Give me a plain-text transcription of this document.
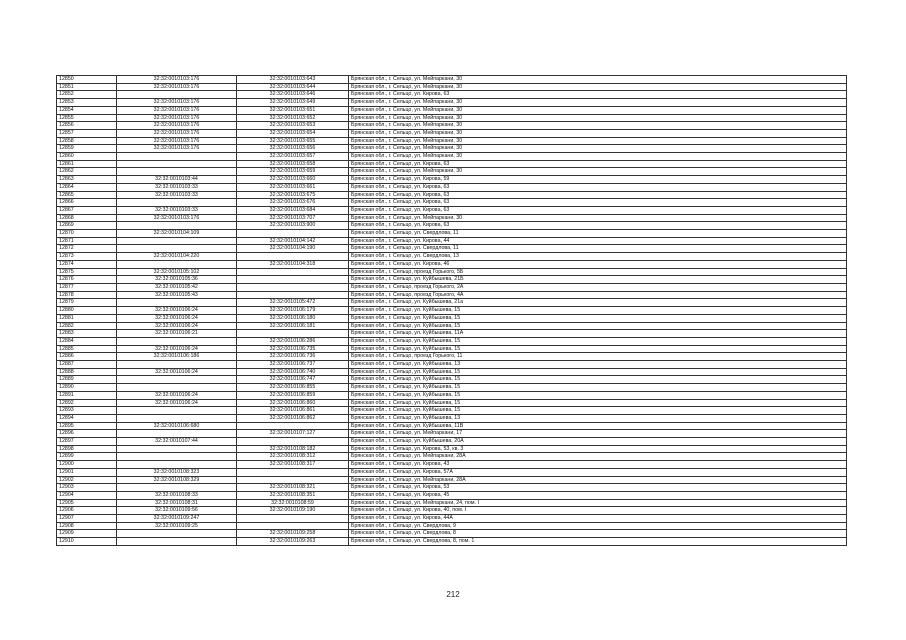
12850	32:32:0010103:176	32:32:0010103:643	Брянская обл., г. Сельцо, ул. Мейпаркани, 30
12851	32:32:0010103:176	32:32:0010103:644	Брянская обл., г. Сельцо, ул. Мейпаркани, 30
12852		32:32:0010103:646	Брянская обл., г. Сельцо, ул. Кирова, 63
12853	32:32:0010103:176	32:32:0010103:649	Брянская обл., г. Сельцо, ул. Мейпаркани, 30
12854	32:32:0010103:176	32:32:0010103:651	Брянская обл., г. Сельцо, ул. Мейпаркани, 30
12855	32:32:0010103:176	32:32:0010103:652	Брянская обл., г. Сельцо, ул. Мейпаркани, 30
12856	32:32:0010103:176	32:32:0010103:653	Брянская обл., г. Сельцо, ул. Мейпаркани, 30
12857	32:32:0010103:176	32:32:0010103:654	Брянская обл., г. Сельцо, ул. Мейпаркани, 30
12858	32:32:0010103:176	32:32:0010103:655	Брянская обл., г. Сельцо, ул. Мейпаркани, 30
12859	32:32:0010103:176	32:32:0010103:656	Брянская обл., г. Сельцо, ул. Мейпаркани, 30
12860		32:32:0010103:657	Брянская обл., г. Сельцо, ул. Мейпаркани, 30
12861		32:32:0010103:658	Брянская обл., г. Сельцо, ул. Кирова, 63
12862		32:32:0010103:659	Брянская обл., г. Сельцо, ул. Мейпаркани, 30
12863	32:32:0010103:44	32:32:0010103:660	Брянская обл., г. Сельцо, ул. Кирова, 59
12864	32:32:0010103:33	32:32:0010103:661	Брянская обл., г. Сельцо, ул. Кирова, 63
12865	32:32:0010103:33	32:32:0010103:675	Брянская обл., г. Сельцо, ул. Кирова, 63
12866		32:32:0010103:676	Брянская обл., г. Сельцо, ул. Кирова, 63
12867	32:32:0010103:33	32:32:0010103:684	Брянская обл., г. Сельцо, ул. Кирова, 63
12868	32:32:0010103:176	32:32:0010103:707	Брянская обл., г. Сельцо, ул. Мейпаркани, 30
12869		32:32:0010103:900	Брянская обл., г. Сельцо, ул. Кирова, 63
12870	32:32:0010104:109		Брянская обл., г. Сельцо, ул. Свердлова, 11
12871		32:32:0010104:142	Брянская обл., г. Сельцо, ул. Кирова, 44
12872		32:32:0010104:190	Брянская обл., г. Сельцо, ул. Свердлова, 11
12873	32:32:0010104:220		Брянская обл., г. Сельцо, ул. Свердлова, 13
12874		32:32:0010104:318	Брянская обл., г. Сельцо, ул. Кирова, 46
12875	32:32:0010105:102		Брянская обл., г. Сельцо, проезд Горького, 5Б
12876	32:32:0010105:36		Брянская обл., г. Сельцо, ул. Куйбышева, 21Б
12877	32:32:0010105:42		Брянская обл., г. Сельцо, проезд Горького, 2А
12878	32:32:0010105:43		Брянская обл., г. Сельцо, проезд Горького, 4А
12879		32:32:0010105:472	Брянская обл., г. Сельцо, ул. Куйбышева, 21а
12880	32:32:0010106:24	32:32:0010106:179	Брянская обл., г. Сельцо, ул. Куйбышева, 15
12881	32:32:0010106:24	32:32:0010106:180	Брянская обл., г. Сельцо, ул. Куйбышева, 15
12882	32:32:0010106:24	32:32:0010106:181	Брянская обл., г. Сельцо, ул. Куйбышева, 15
12883	32:32:0010106:21		Брянская обл., г. Сельцо, ул. Куйбышева, 11А
12884		32:32:0010106:286	Брянская обл., г. Сельцо, ул. Куйбышева, 15
12885	32:32:0010106:24	32:32:0010106:735	Брянская обл., г. Сельцо, ул. Куйбышева, 15
12886	32:32:0010106:186	32:32:0010106:736	Брянская обл., г. Сельцо, проезд Горького, 11
12887		32:32:0010106:737	Брянская обл., г. Сельцо, ул. Куйбышева, 13
12888	32:32:0010106:24	32:32:0010106:740	Брянская обл., г. Сельцо, ул. Куйбышева, 15
12889		32:32:0010106:747	Брянская обл., г. Сельцо, ул. Куйбышева, 15
12890		32:32:0010106:855	Брянская обл., г. Сельцо, ул. Куйбышева, 15
12891	32:32:0010106:24	32:32:0010106:859	Брянская обл., г. Сельцо, ул. Куйбышева, 15
12892	32:32:0010106:24	32:32:0010106:860	Брянская обл., г. Сельцо, ул. Куйбышева, 15
12893		32:32:0010106:861	Брянская обл., г. Сельцо, ул. Куйбышева, 15
12894		32:32:0010106:862	Брянская обл., г. Сельцо, ул. Куйбышева, 13
12895	32:32:0010106:680		Брянская обл., г. Сельцо, ул. Куйбышева, 11В
12896		32:32:0010107:127	Брянская обл., г. Сельцо, ул. Мейпаркани, 17
12897	32:32:0010107:44		Брянская обл., г. Сельцо, ул. Куйбышева, 20А
12898		32:32:0010108:182	Брянская обл., г. Сельцо, ул. Кирова, 53, кв. 3
12899		32:32:0010108:312	Брянская обл., г. Сельцо, ул. Мейпаркани, 28А
12900		32:32:0010108:317	Брянская обл., г. Сельцо, ул. Кирова, 43
12901	32:32:0010108:323		Брянская обл., г. Сельцо, ул. Кирова, 57А
12902	32:32:0010108:329		Брянская обл., г. Сельцо, ул. Мейпаркани, 28А
12903		32:32:0010108:321	Брянская обл., г. Сельцо, ул. Кирова, 53
12904	32:32:0010108:33	32:32:0010108:351	Брянская обл., г. Сельцо, ул. Кирова, 45
12905	32:32:0010108:31	32:32:0010108:59	Брянская обл., г. Сельцо, ул. Мейпаркани, 24, пом. I
12906	32:32:0010109:56	32:32:0010109:190	Брянская обл., г. Сельцо, ул. Кирова, 40, пом. I
12907	32:32:0010109:247		Брянская обл., г. Сельцо, ул. Кирова, 44А
12908	32:32:0010109:25		Брянская обл., г. Сельцо, ул. Свердлова, 9
12909		32:32:0010109:258	Брянская обл., г. Сельцо, ул. Свердлова, 8
12910		32:32:0010109:263	Брянская обл., г. Сельцо, ул. Свердлова, 8, пом. 1
212
